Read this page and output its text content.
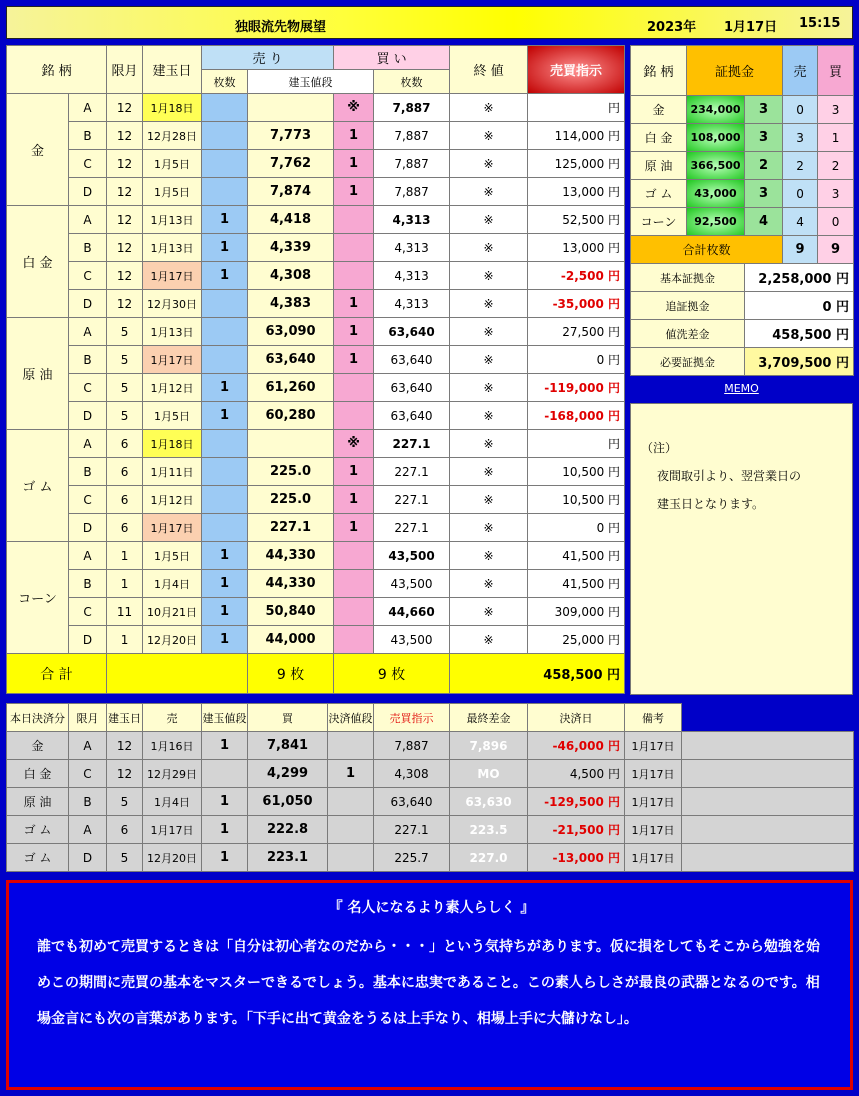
独眼流先物展望	2023年 1月17日 15:15
銘 柄		限月	建玉日	売 り		買 い		終 値	売買指示	
				枚数	建玉値段		枚数			
金	A	12	1月18日			※	7,887	※	円	
	B	12	12月28日		7,773	1	7,887	※	114,000 円	
	C	12	1月5日		7,762	1	7,887	※	125,000 円	
	D	12	1月5日		7,874	1	7,887	※	13,000 円	
白 金	A	12	1月13日	1	4,418		4,313	※	52,500 円	
	B	12	1月13日	1	4,339		4,313	※	13,000 円	
	C	12	1月17日	1	4,308		4,313	※	-2,500 円	
	D	12	12月30日		4,383	1	4,313	※	-35,000 円	
原 油	A	5	1月13日		63,090	1	63,640	※	27,500 円	
	B	5	1月17日		63,640	1	63,640	※	0 円	
	C	5	1月12日	1	61,260		63,640	※	-119,000 円	
	D	5	1月5日	1	60,280		63,640	※	-168,000 円	
ゴ ム	A	6	1月18日			※	227.1	※	円	
	B	6	1月11日		225.0	1	227.1	※	10,500 円	
	C	6	1月12日		225.0	1	227.1	※	10,500 円	
	D	6	1月17日		227.1	1	227.1	※	0 円	
コーン	A	1	1月5日	1	44,330		43,500	※	41,500 円	
	B	1	1月4日	1	44,330		43,500	※	41,500 円	
	C	11	10月21日	1	50,840		44,660	※	309,000 円	
	D	1	12月20日	1	44,000		43,500	※	25,000 円	
合 計					9 枚	9 枚		458,500 円		
銘 柄	証拠金		売	買
金	234,000	3	0	3
白 金	108,000	3	3	1
原 油	366,500	2	2	2
ゴ ム	43,000	3	0	3
コーン	92,500	4	4	0
合計枚数			9	9
基本証拠金		2,258,000 円		
追証拠金		0 円		
値洗差金		458,500 円		
必要証拠金		3,709,500 円		
MEMO
（注）
夜間取引より、翌営業日の
建玉日となります。
本日決済分	限月	建玉日	売	建玉値段	買	決済値段	売買指示	最終差金	決済日	備考	
金	A	12	1月16日	1	7,841		7,887	7,896	-46,000 円	1月17日	
白 金	C	12	12月29日		4,299	1	4,308	MO	4,500 円	1月17日	
原 油	B	5	1月4日	1	61,050		63,640	63,630	-129,500 円	1月17日	
ゴ ム	A	6	1月17日	1	222.8		227.1	223.5	-21,500 円	1月17日	
ゴ ム	D	5	12月20日	1	223.1		225.7	227.0	-13,000 円	1月17日	
『 名人になるより素人らしく 』

誰でも初めて売買するときは「自分は初心者なのだから・・・」という気持ちがあります。仮に損をしてもそこから勉強を始めこの期間に売買の基本をマスターできるでしょう。基本に忠実であること。この素人らしさが最良の武器となるのです。相場金言にも次の言葉があります。「下手に出て黄金をうるは上手なり、相場上手に大儲けなし」。
